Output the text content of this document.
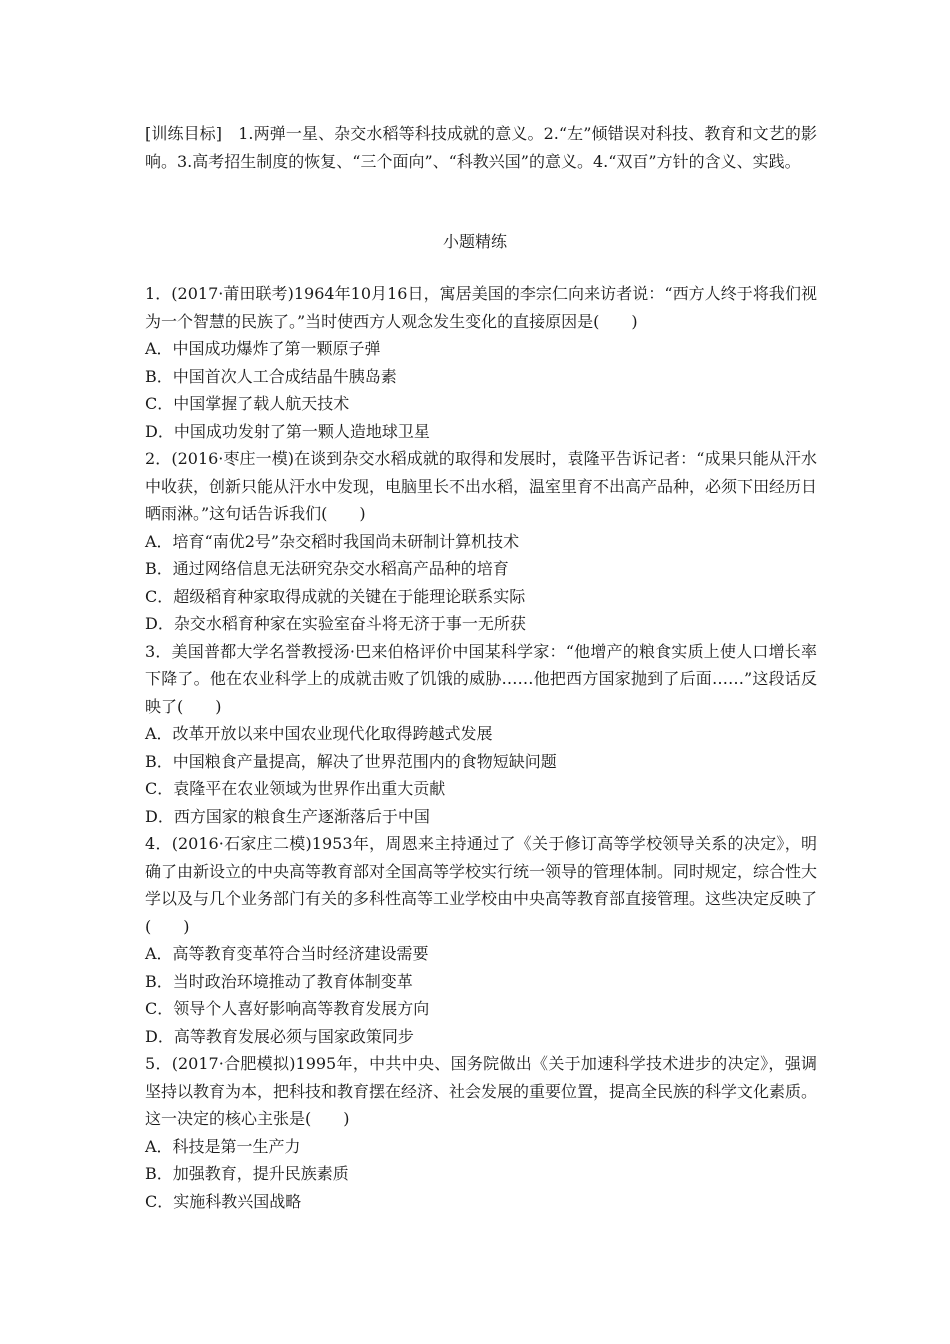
[训练目标]　1.两弹一星、杂交水稻等科技成就的意义。2.“左”倾错误对科技、教育和文艺的影响。3.高考招生制度的恢复、“三个面向”、“科教兴国”的意义。4.“双百”方针的含义、实践。

小题精练

1．(2017·莆田联考)1964年10月16日，寓居美国的李宗仁向来访者说：“西方人终于将我们视为一个智慧的民族了。”当时使西方人观念发生变化的直接原因是(　　)

A．中国成功爆炸了第一颗原子弹

B．中国首次人工合成结晶牛胰岛素

C．中国掌握了载人航天技术

D．中国成功发射了第一颗人造地球卫星

2．(2016·枣庄一模)在谈到杂交水稻成就的取得和发展时，袁隆平告诉记者：“成果只能从汗水中收获，创新只能从汗水中发现，电脑里长不出水稻，温室里育不出高产品种，必须下田经历日晒雨淋。”这句话告诉我们(　　)

A．培育“南优2号”杂交稻时我国尚未研制计算机技术

B．通过网络信息无法研究杂交水稻高产品种的培育

C．超级稻育种家取得成就的关键在于能理论联系实际

D．杂交水稻育种家在实验室奋斗将无济于事一无所获

3．美国普都大学名誉教授汤·巴来伯格评价中国某科学家：“他增产的粮食实质上使人口增长率下降了。他在农业科学上的成就击败了饥饿的威胁……他把西方国家抛到了后面……”这段话反映了(　　)

A．改革开放以来中国农业现代化取得跨越式发展

B．中国粮食产量提高，解决了世界范围内的食物短缺问题

C．袁隆平在农业领域为世界作出重大贡献

D．西方国家的粮食生产逐渐落后于中国

4．(2016·石家庄二模)1953年，周恩来主持通过了《关于修订高等学校领导关系的决定》，明确了由新设立的中央高等教育部对全国高等学校实行统一领导的管理体制。同时规定，综合性大学以及与几个业务部门有关的多科性高等工业学校由中央高等教育部直接管理。这些决定反映了(　　)

A．高等教育变革符合当时经济建设需要

B．当时政治环境推动了教育体制变革

C．领导个人喜好影响高等教育发展方向

D．高等教育发展必须与国家政策同步

5．(2017·合肥模拟)1995年，中共中央、国务院做出《关于加速科学技术进步的决定》，强调坚持以教育为本，把科技和教育摆在经济、社会发展的重要位置，提高全民族的科学文化素质。这一决定的核心主张是(　　)

A．科技是第一生产力

B．加强教育，提升民族素质

C．实施科教兴国战略
